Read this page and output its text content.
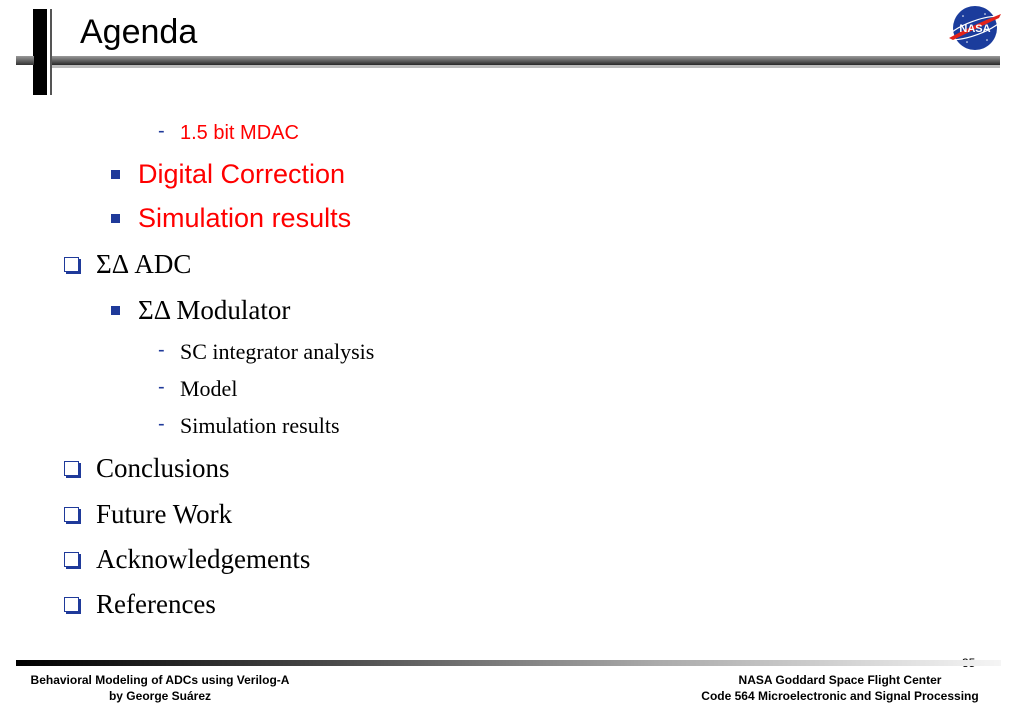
Agenda	NASA
- 1.5 bit MDAC
Digital Correction
Simulation results
ΣΔ ADC
ΣΔ Modulator
- SC integrator analysis
- Model
- Simulation results
Conclusions
Future Work
Acknowledgements
References
Behavioral Modeling of ADCs using Verilog-A
by George Suárez
NASA Goddard Space Flight Center
Code 564 Microelectronic and Signal Processing
